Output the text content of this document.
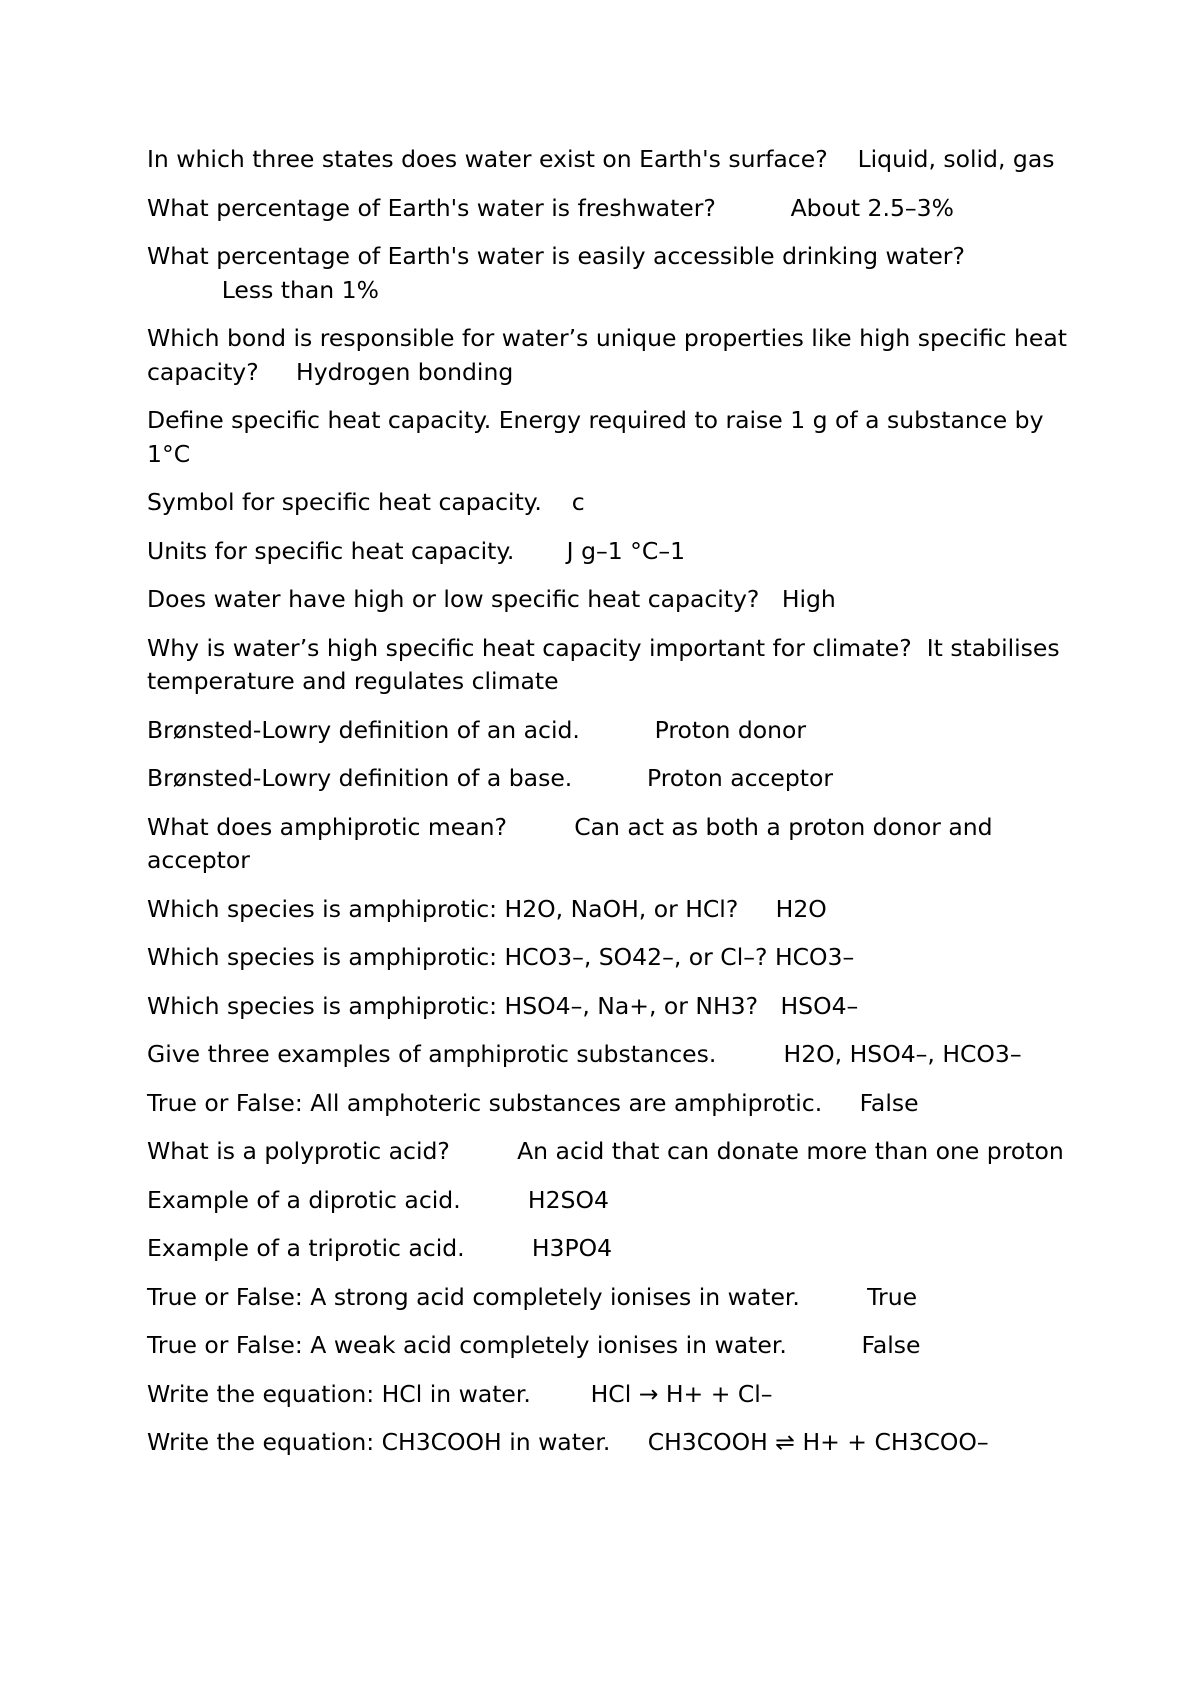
In which three states does water exist on Earth's surface? Liquid, solid, gas

What percentage of Earth's water is freshwater?	About 2.5–3%

What percentage of Earth's water is easily accessible drinking water?
Less than 1%

Which bond is responsible for water’s unique properties like high specific heat capacity? Hydrogen bonding

Define specific heat capacity. Energy required to raise 1 g of a substance by 1°C

Symbol for specific heat capacity. c

Units for specific heat capacity. J g–1 °C–1

Does water have high or low specific heat capacity? High

Why is water’s high specific heat capacity important for climate? It stabilises temperature and regulates climate

Brønsted-Lowry definition of an acid.	Proton donor

Brønsted-Lowry definition of a base.	Proton acceptor

What does amphiprotic mean?	Can act as both a proton donor and acceptor

Which species is amphiprotic: H2O, NaOH, or HCl? H2O

Which species is amphiprotic: HCO3–, SO42–, or Cl–? HCO3–

Which species is amphiprotic: HSO4–, Na+, or NH3? HSO4–

Give three examples of amphiprotic substances.	H2O, HSO4–, HCO3–

True or False: All amphoteric substances are amphiprotic. False

What is a polyprotic acid?	An acid that can donate more than one proton

Example of a diprotic acid.	H2SO4

Example of a triprotic acid.	H3PO4

True or False: A strong acid completely ionises in water.	True

True or False: A weak acid completely ionises in water.	False

Write the equation: HCl in water.	HCl → H+ + Cl–

Write the equation: CH3COOH in water. CH3COOH ⇌ H+ + CH3COO–
